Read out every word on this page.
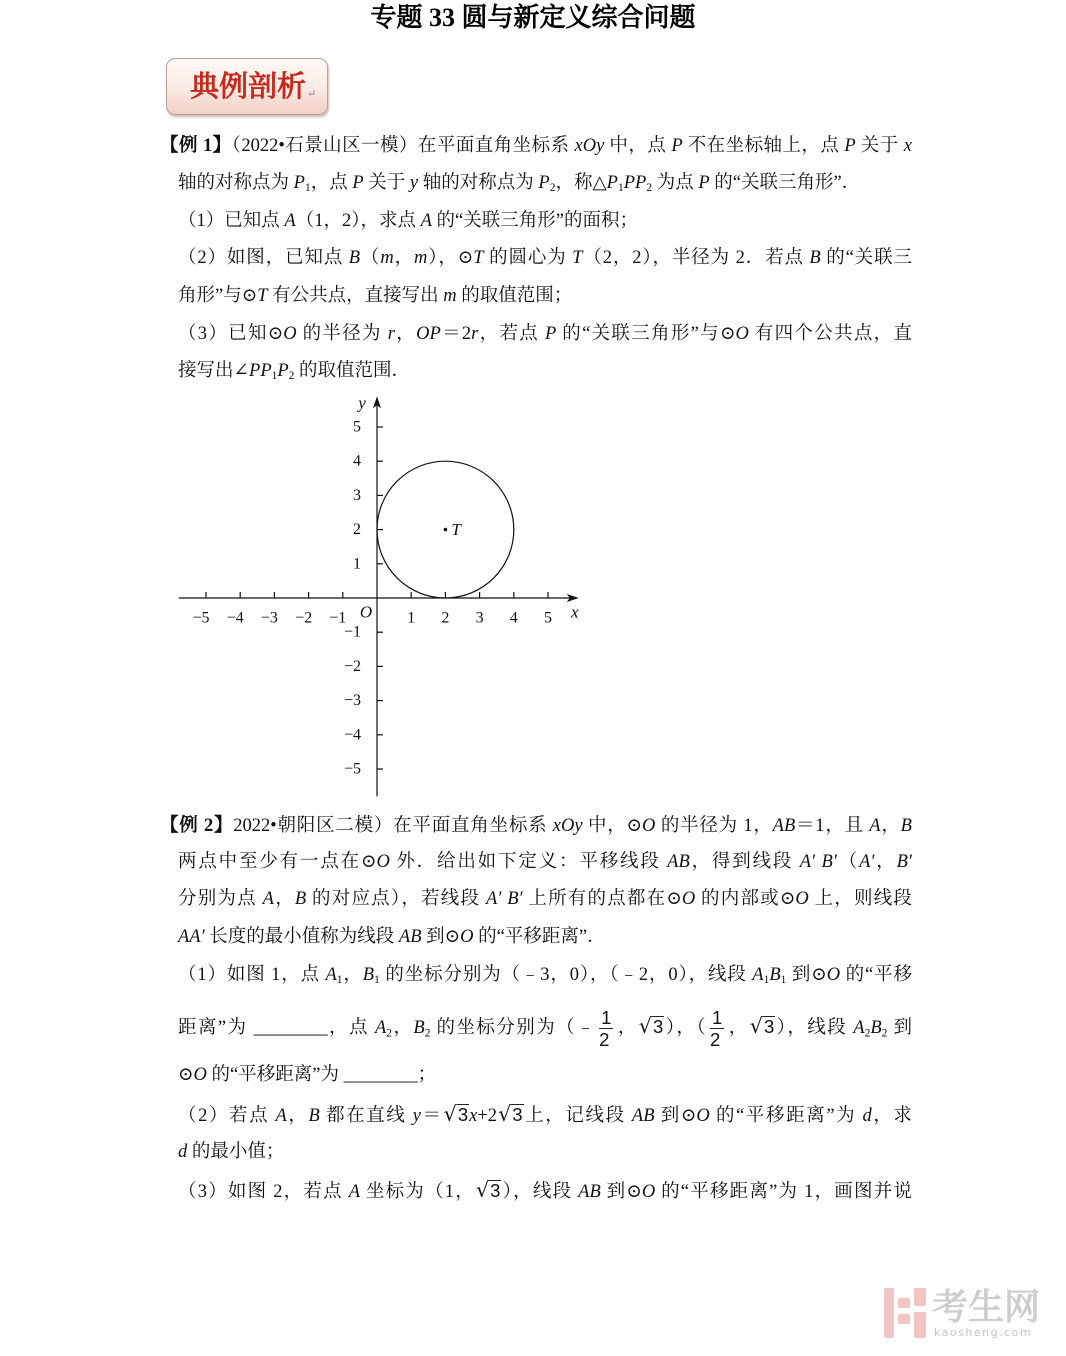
专题 33 圆与新定义综合问题
典例剖析 ↵
【例 1】（2022•石景山区一模）在平面直角坐标系 xOy 中，点 P 不在坐标轴上，点 P 关于 x
轴的对称点为 P1，点 P 关于 y 轴的对称点为 P2，称△P1PP2 为点 P 的“关联三角形”．
（1）已知点 A（1，2），求点 A 的“关联三角形”的面积；
（2）如图，已知点 B（m，m），⊙T 的圆心为 T（2，2），半径为 2．若点 B 的“关联三
角形”与⊙T 有公共点，直接写出 m 的取值范围；
（3）已知⊙O 的半径为 r，OP＝2r，若点 P 的“关联三角形”与⊙O 有四个公共点，直
接写出∠PP1P2 的取值范围．
−5 −4 −3 −2 −1	1 2 3 4 5
5
4
3
2
1
−1
−2
−3
−4
−5
O	x
y
T
【例 2】2022•朝阳区二模）在平面直角坐标系 xOy 中，⊙O 的半径为 1，AB＝1，且 A，B
两点中至少有一点在⊙O 外．给出如下定义：平移线段 AB，得到线段 A′ B′（A′，B′
分别为点 A，B 的对应点），若线段 A′ B′ 上所有的点都在⊙O 的内部或⊙O 上，则线段
AA′ 长度的最小值称为线段 AB 到⊙O 的“平移距离”．
（1）如图 1，点 A1，B1 的坐标分别为（﹣3，0），（﹣2，0），线段 A1B1 到⊙O 的“平移
距离”为 ________，点 A2，B2 的坐标分别为（﹣ $\frac{1}{2}$ ，√3），（ $\frac{1}{2}$ ，√3），线段 A2B2 到
⊙O 的“平移距离”为 ________；
（2）若点 A，B 都在直线 y＝√3x+2√3上，记线段 AB 到⊙O 的“平移距离”为 d，求
d 的最小值；
（3）如图 2，若点 A 坐标为（1，√3），线段 AB 到⊙O 的“平移距离”为 1，画图并说
考生网
kaosheng.com
